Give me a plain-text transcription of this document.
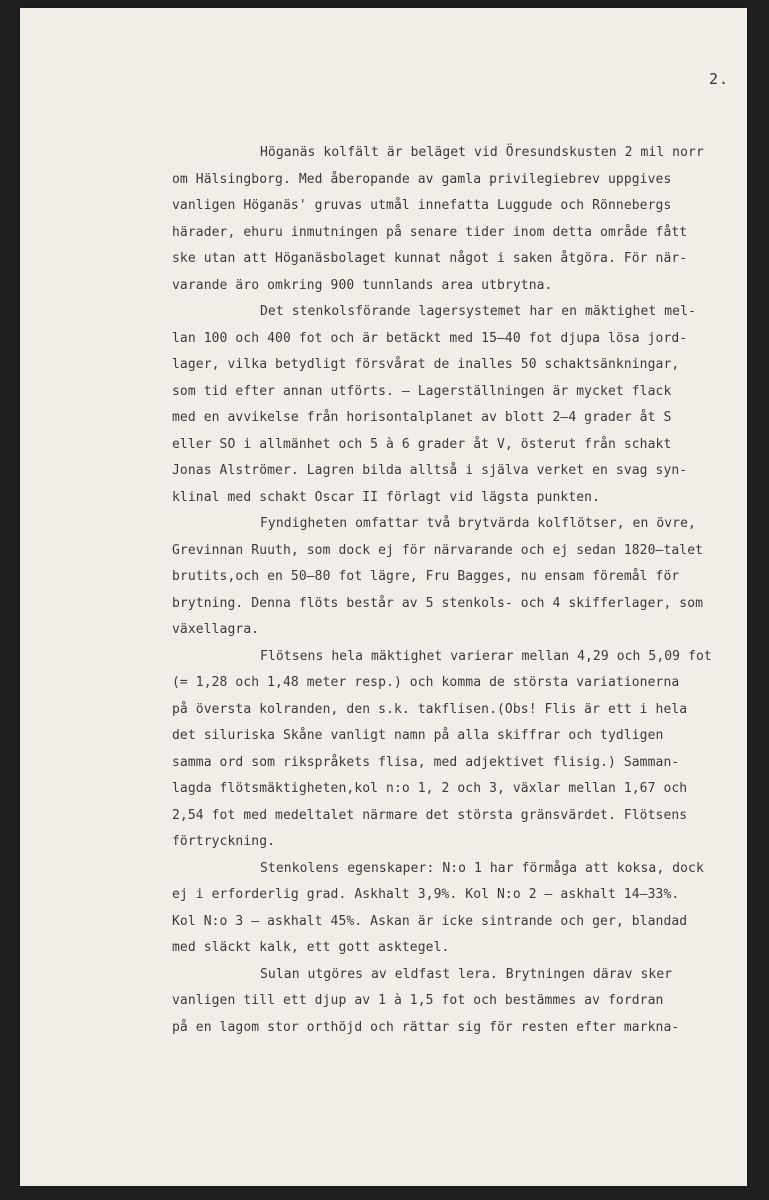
2.
Höganäs kolfält är beläget vid Öresundskusten 2 mil norr
om Hälsingborg. Med åberopande av gamla privilegiebrev uppgives
vanligen Höganäs' gruvas utmål innefatta Luggude och Rönnebergs
härader, ehuru inmutningen på senare tider inom detta område fått
ske utan att Höganäsbolaget kunnat något i saken åtgöra. För när-
varande äro omkring 900 tunnlands area utbrytna.
Det stenkolsförande lagersystemet har en mäktighet mel-
lan 100 och 400 fot och är betäckt med 15–40 fot djupa lösa jord-
lager, vilka betydligt försvårat de inalles 50 schaktsänkningar,
som tid efter annan utförts. – Lagerställningen är mycket flack
med en avvikelse från horisontalplanet av blott 2–4 grader åt S
eller SO i allmänhet och 5 à 6 grader åt V, österut från schakt
Jonas Alströmer. Lagren bilda alltså i själva verket en svag syn-
klinal med schakt Oscar II förlagt vid lägsta punkten.
Fyndigheten omfattar två brytvärda kolflötser, en övre,
Grevinnan Ruuth, som dock ej för närvarande och ej sedan 1820–talet
brutits,och en 50–80 fot lägre, Fru Bagges, nu ensam föremål för
brytning. Denna flöts består av 5 stenkols- och 4 skifferlager, som
växellagra.
Flötsens hela mäktighet varierar mellan 4,29 och 5,09 fot
(= 1,28 och 1,48 meter resp.) och komma de största variationerna
på översta kolranden, den s.k. takflisen.(Obs! Flis är ett i hela
det siluriska Skåne vanligt namn på alla skiffrar och tydligen
samma ord som rikspråkets flisa, med adjektivet flisig.) Samman-
lagda flötsmäktigheten,kol n:o 1, 2 och 3, växlar mellan 1,67 och
2,54 fot med medeltalet närmare det största gränsvärdet. Flötsens
förtryckning.
Stenkolens egenskaper: N:o 1 har förmåga att koksa, dock
ej i erforderlig grad. Askhalt 3,9%. Kol N:o 2 – askhalt 14–33%.
Kol N:o 3 – askhalt 45%. Askan är icke sintrande och ger, blandad
med släckt kalk, ett gott asktegel.
Sulan utgöres av eldfast lera. Brytningen därav sker
vanligen till ett djup av 1 à 1,5 fot och bestämmes av fordran
på en lagom stor orthöjd och rättar sig för resten efter markna-
